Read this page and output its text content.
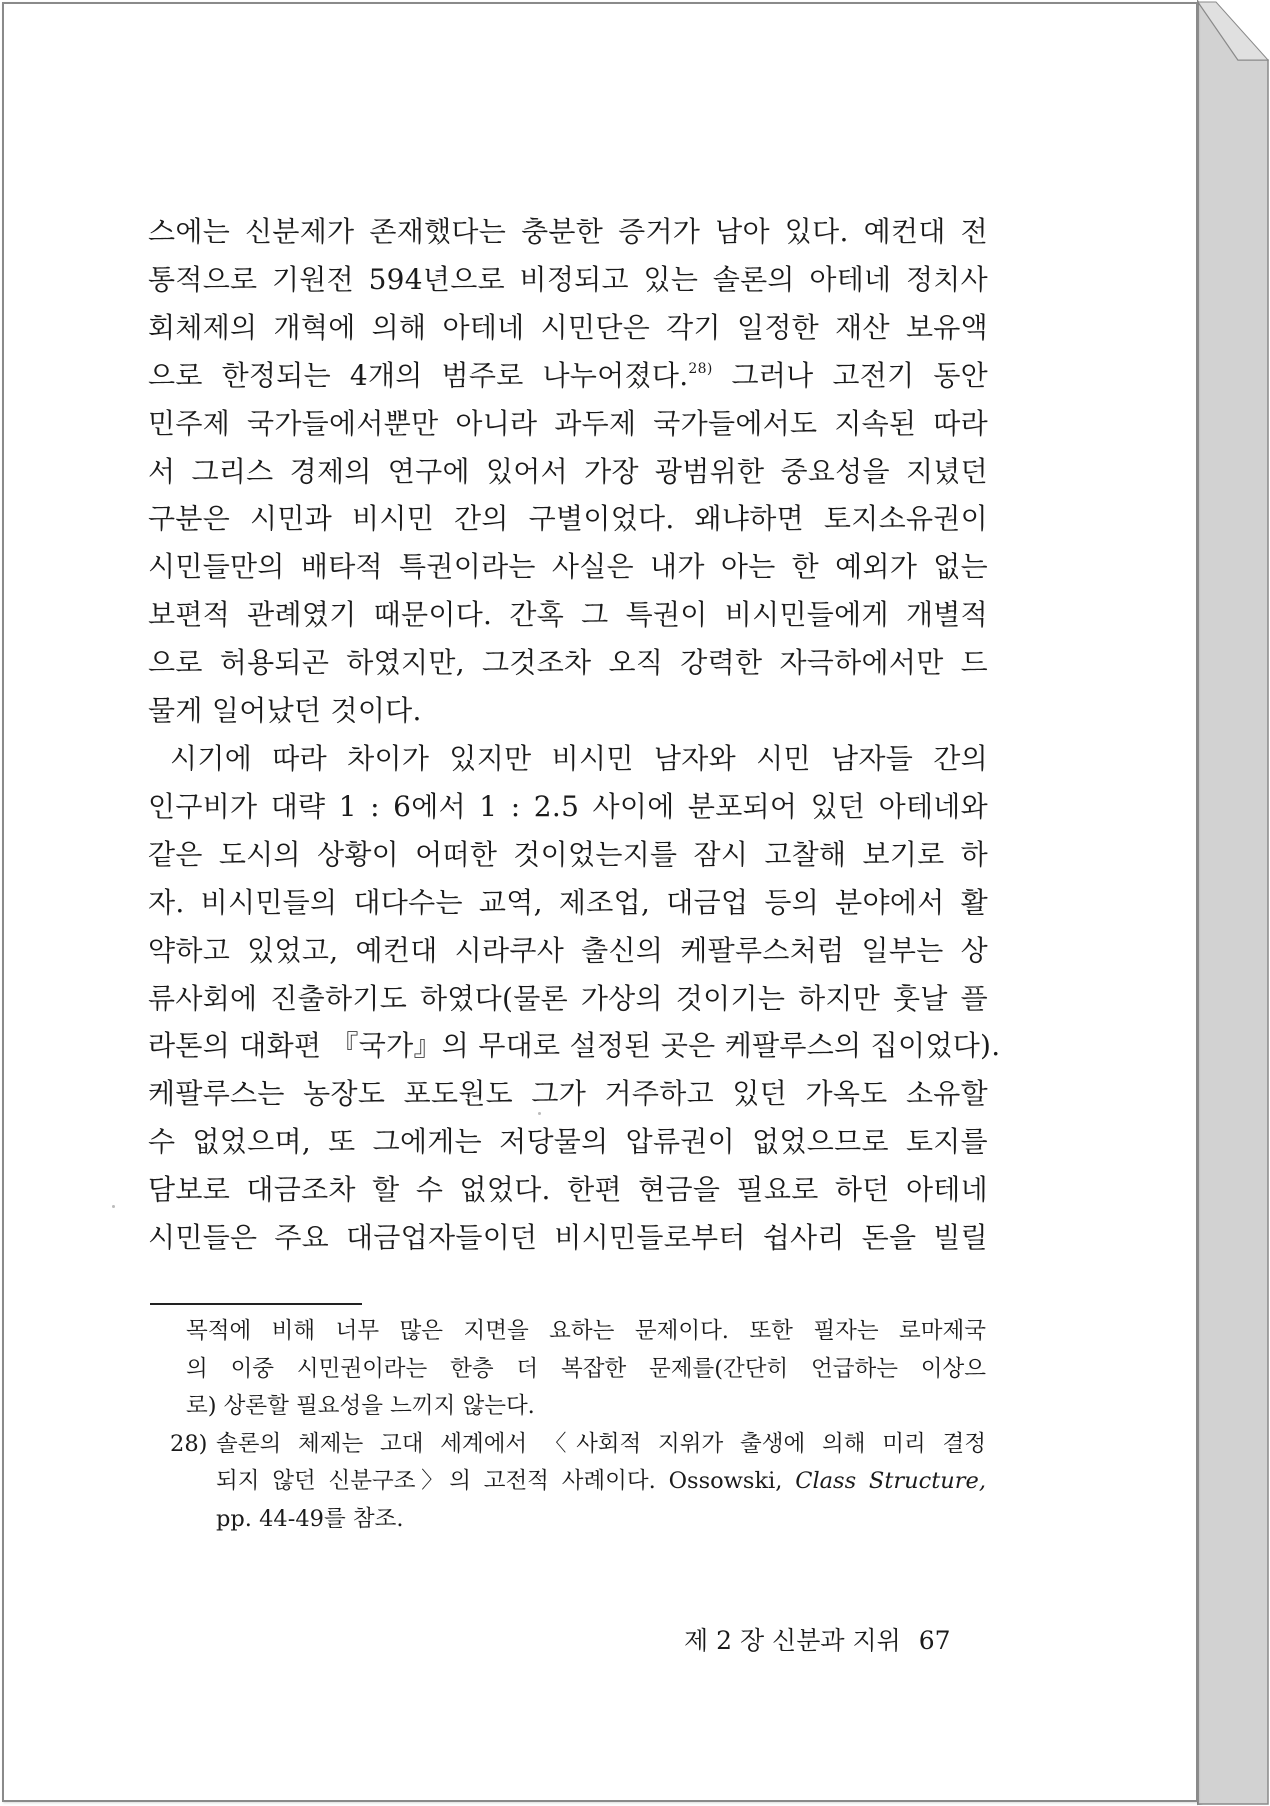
스에는 신분제가 존재했다는 충분한 증거가 남아 있다. 예컨대 전
통적으로 기원전 594년으로 비정되고 있는 솔론의 아테네 정치사
회체제의 개혁에 의해 아테네 시민단은 각기 일정한 재산 보유액
으로 한정되는 4개의 범주로 나누어졌다.$^{28)}$ 그러나 고전기 동안
민주제 국가들에서뿐만 아니라 과두제 국가들에서도 지속된 따라
서 그리스 경제의 연구에 있어서 가장 광범위한 중요성을 지녔던
구분은 시민과 비시민 간의 구별이었다. 왜냐하면 토지소유권이
시민들만의 배타적 특권이라는 사실은 내가 아는 한 예외가 없는
보편적 관례였기 때문이다. 간혹 그 특권이 비시민들에게 개별적
으로 허용되곤 하였지만, 그것조차 오직 강력한 자극하에서만 드
물게 일어났던 것이다.
시기에 따라 차이가 있지만 비시민 남자와 시민 남자들 간의
인구비가 대략 1 : 6에서 1 : 2.5 사이에 분포되어 있던 아테네와
같은 도시의 상황이 어떠한 것이었는지를 잠시 고찰해 보기로 하
자. 비시민들의 대다수는 교역, 제조업, 대금업 등의 분야에서 활
약하고 있었고, 예컨대 시라쿠사 출신의 케팔루스처럼 일부는 상
류사회에 진출하기도 하였다(물론 가상의 것이기는 하지만 훗날 플
라톤의 대화편 『국가』의 무대로 설정된 곳은 케팔루스의 집이었다).
케팔루스는 농장도 포도원도 그가 거주하고 있던 가옥도 소유할
수 없었으며, 또 그에게는 저당물의 압류권이 없었으므로 토지를
담보로 대금조차 할 수 없었다. 한편 현금을 필요로 하던 아테네
시민들은 주요 대금업자들이던 비시민들로부터 쉽사리 돈을 빌릴
목적에 비해 너무 많은 지면을 요하는 문제이다. 또한 필자는 로마제국
의 이중 시민권이라는 한층 더 복잡한 문제를(간단히 언급하는 이상으
로) 상론할 필요성을 느끼지 않는다.
28) 솔론의 체제는 고대 세계에서 〈사회적 지위가 출생에 의해 미리 결정
되지 않던 신분구조〉의 고전적 사례이다. Ossowski, Class Structure,
pp. 44-49를 참조.
제 2 장 신분과 지위 67
